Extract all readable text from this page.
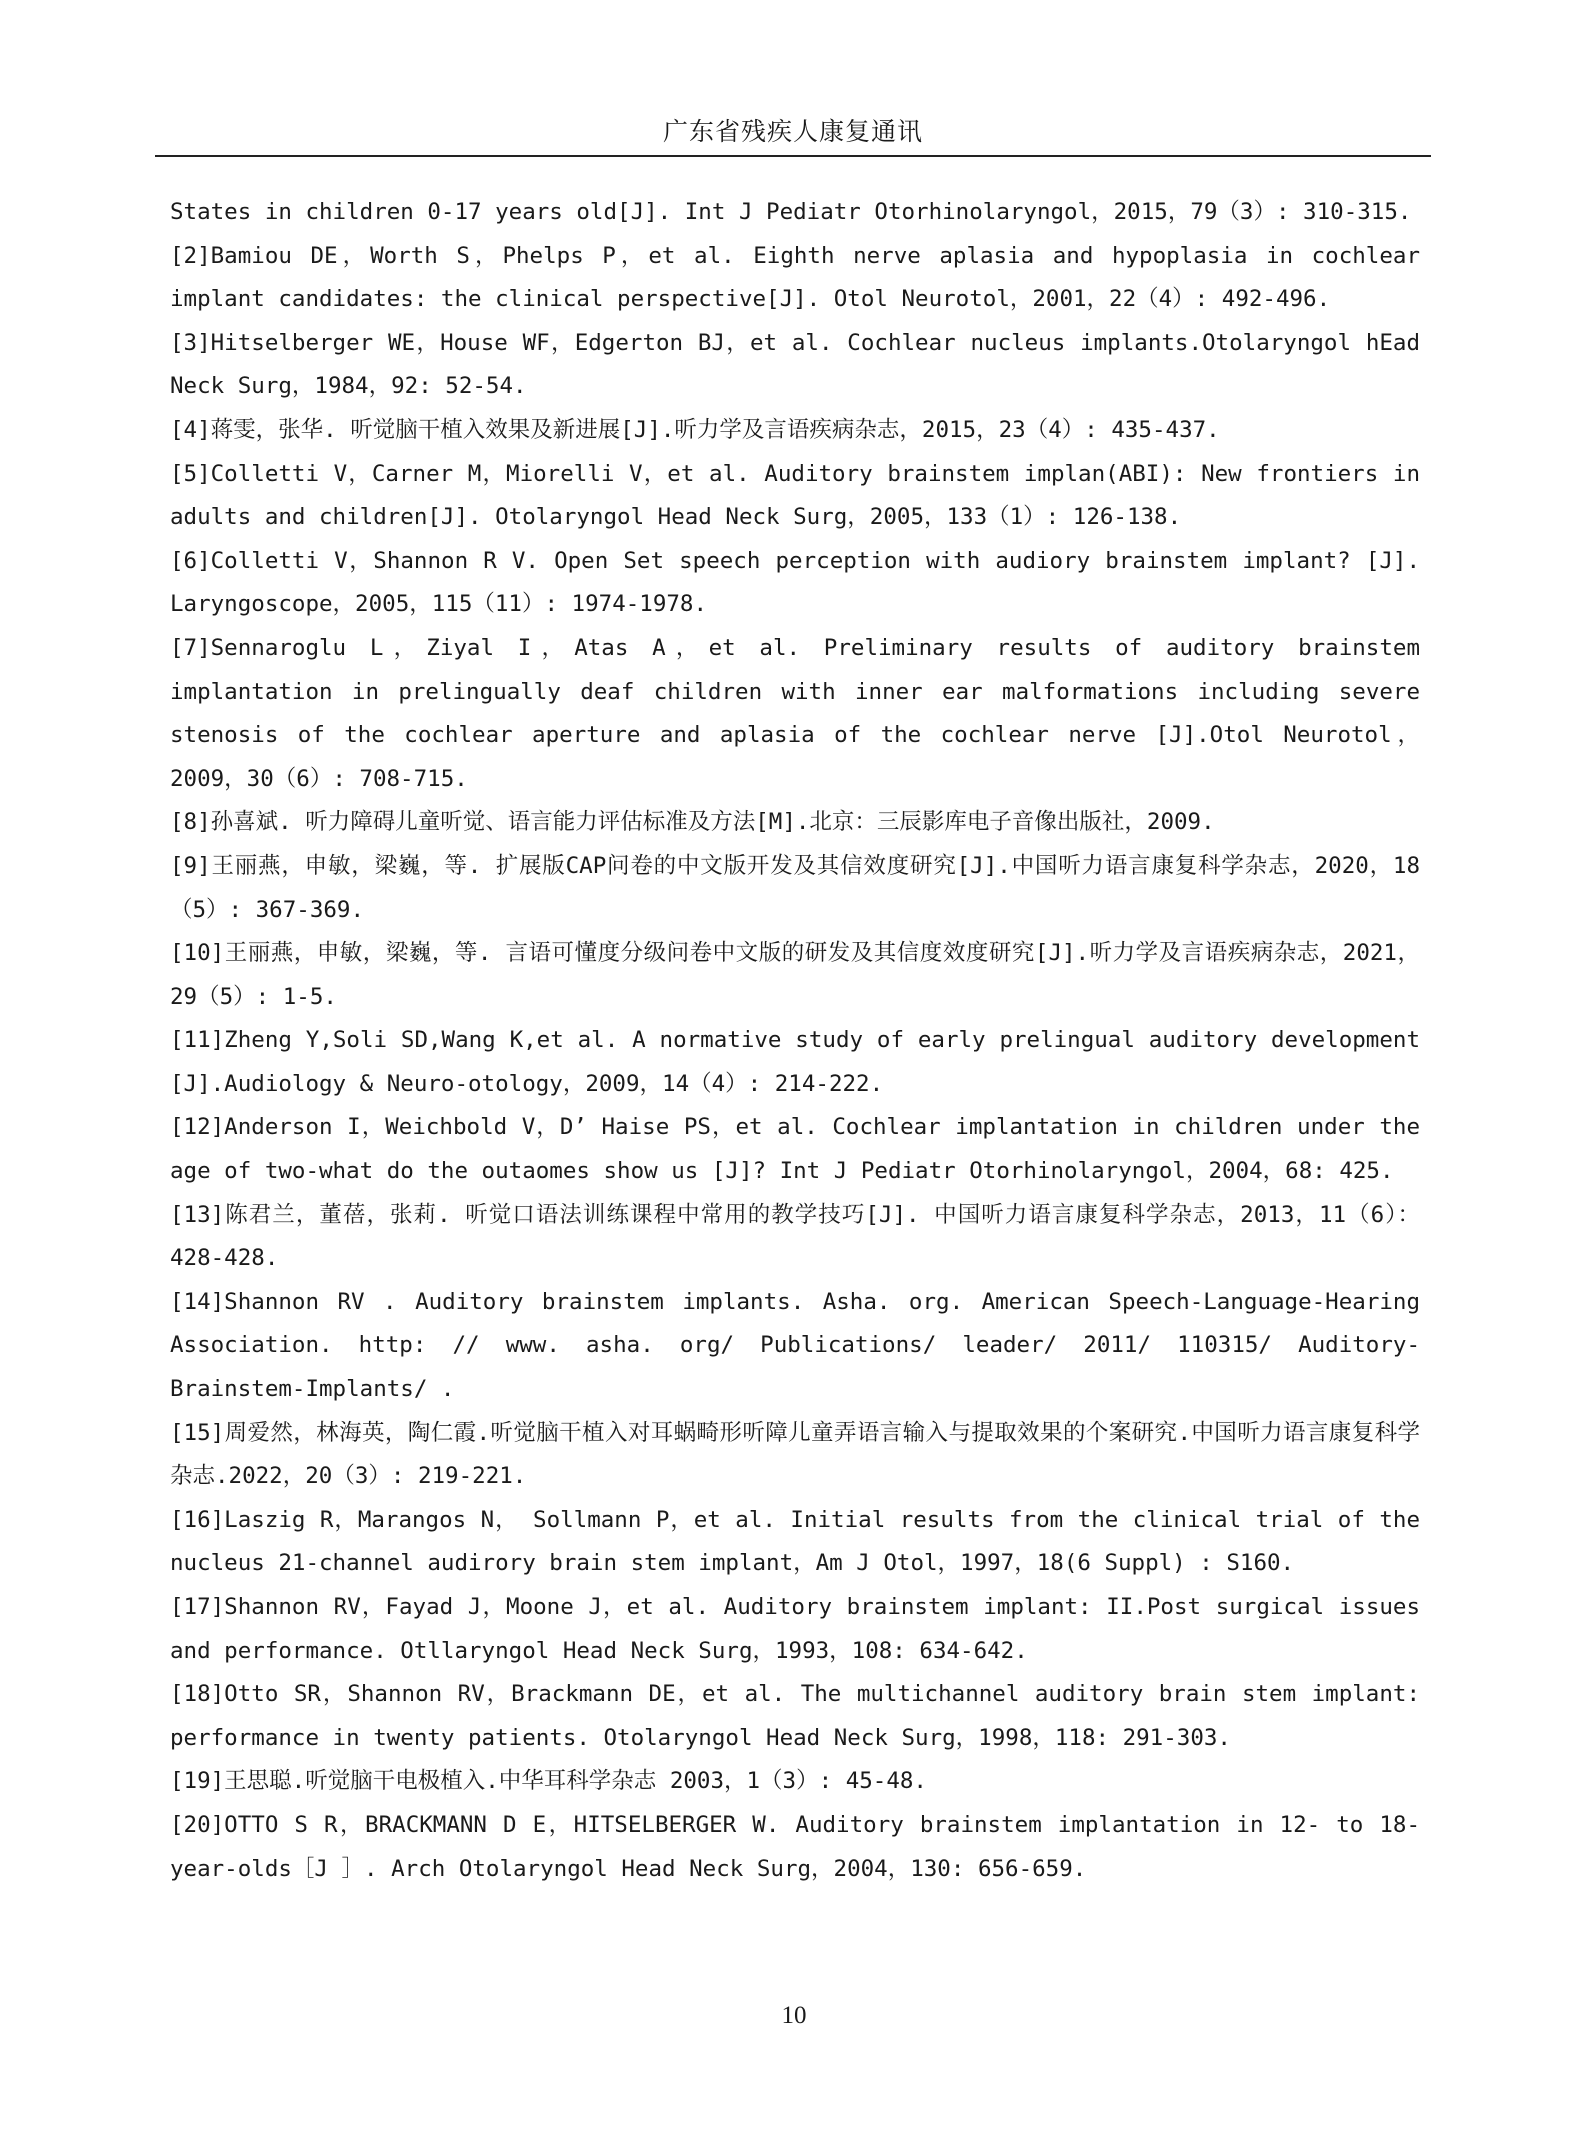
广东省残疾人康复通讯

States in children 0-17 years old[J]. Int J Pediatr Otorhinolaryngol，2015，79（3）: 310-315.

[2]Bamiou DE，Worth S，Phelps P，et al. Eighth nerve aplasia and hypoplasia in cochlear implant candidates: the clinical perspective[J]. Otol Neurotol，2001，22（4）: 492-496.

[3]Hitselberger WE，House WF，Edgerton BJ，et al. Cochlear nucleus implants.Otolaryngol hEad Neck Surg，1984，92: 52-54.

[4]蒋雯，张华. 听觉脑干植入效果及新进展[J].听力学及言语疾病杂志，2015，23（4）: 435-437.

[5]Colletti V，Carner M，Miorelli V，et al. Auditory brainstem implan(ABI): New frontiers in adults and children[J]. Otolaryngol Head Neck Surg，2005，133（1）: 126-138.

[6]Colletti V，Shannon R V. Open Set speech perception with audiory brainstem implant? [J]. Laryngoscope，2005，115（11）: 1974-1978.

[7]Sennaroglu L，Ziyal I，Atas A，et al. Preliminary results of auditory brainstem implantation in prelingually deaf children with inner ear malformations including severe stenosis of the cochlear aperture and aplasia of the cochlear nerve [J].Otol Neurotol，2009，30（6）: 708-715.

[8]孙喜斌. 听力障碍儿童听觉、语言能力评估标准及方法[M].北京：三辰影库电子音像出版社，2009.

[9]王丽燕，申敏，梁巍，等. 扩展版CAP问卷的中文版开发及其信效度研究[J].中国听力语言康复科学杂志，2020，18（5）: 367-369.

[10]王丽燕，申敏，梁巍，等. 言语可懂度分级问卷中文版的研发及其信度效度研究[J].听力学及言语疾病杂志，2021，29（5）: 1-5.

[11]Zheng Y,Soli SD,Wang K,et al. A normative study of early prelingual auditory development [J].Audiology & Neuro-otology，2009，14（4）: 214-222.

[12]Anderson I，Weichbold V，D’ Haise PS，et al. Cochlear implantation in children under the age of two-what do the outaomes show us [J]? Int J Pediatr Otorhinolaryngol，2004，68: 425.

[13]陈君兰，董蓓，张莉. 听觉口语法训练课程中常用的教学技巧[J]. 中国听力语言康复科学杂志，2013，11（6）：428-428.

[14]Shannon RV . Auditory brainstem implants. Asha. org. American Speech-Language-Hearing Association. http: // www. asha. org/ Publications/ leader/ 2011/ 110315/ Auditory-Brainstem-Implants/ .

[15]周爱然，林海英，陶仁霞.听觉脑干植入对耳蜗畸形听障儿童弄语言输入与提取效果的个案研究.中国听力语言康复科学杂志.2022，20（3）: 219-221.

[16]Laszig R，Marangos N， Sollmann P，et al. Initial results from the clinical trial of the nucleus 21-channel audirory brain stem implant，Am J Otol，1997，18(6 Suppl) : S160.

[17]Shannon RV，Fayad J，Moone J，et al. Auditory brainstem implant: II.Post surgical issues and performance. Otllaryngol Head Neck Surg，1993，108: 634-642.

[18]Otto SR，Shannon RV，Brackmann DE，et al. The multichannel auditory brain stem implant: performance in twenty patients. Otolaryngol Head Neck Surg，1998，118: 291-303.

[19]王思聪.听觉脑干电极植入.中华耳科学杂志 2003，1（3）: 45-48.

[20]OTTO S R，BRACKMANN D E，HITSELBERGER W. Auditory brainstem implantation in 12- to 18-year-olds［J ］. Arch Otolaryngol Head Neck Surg，2004，130: 656-659.

10
